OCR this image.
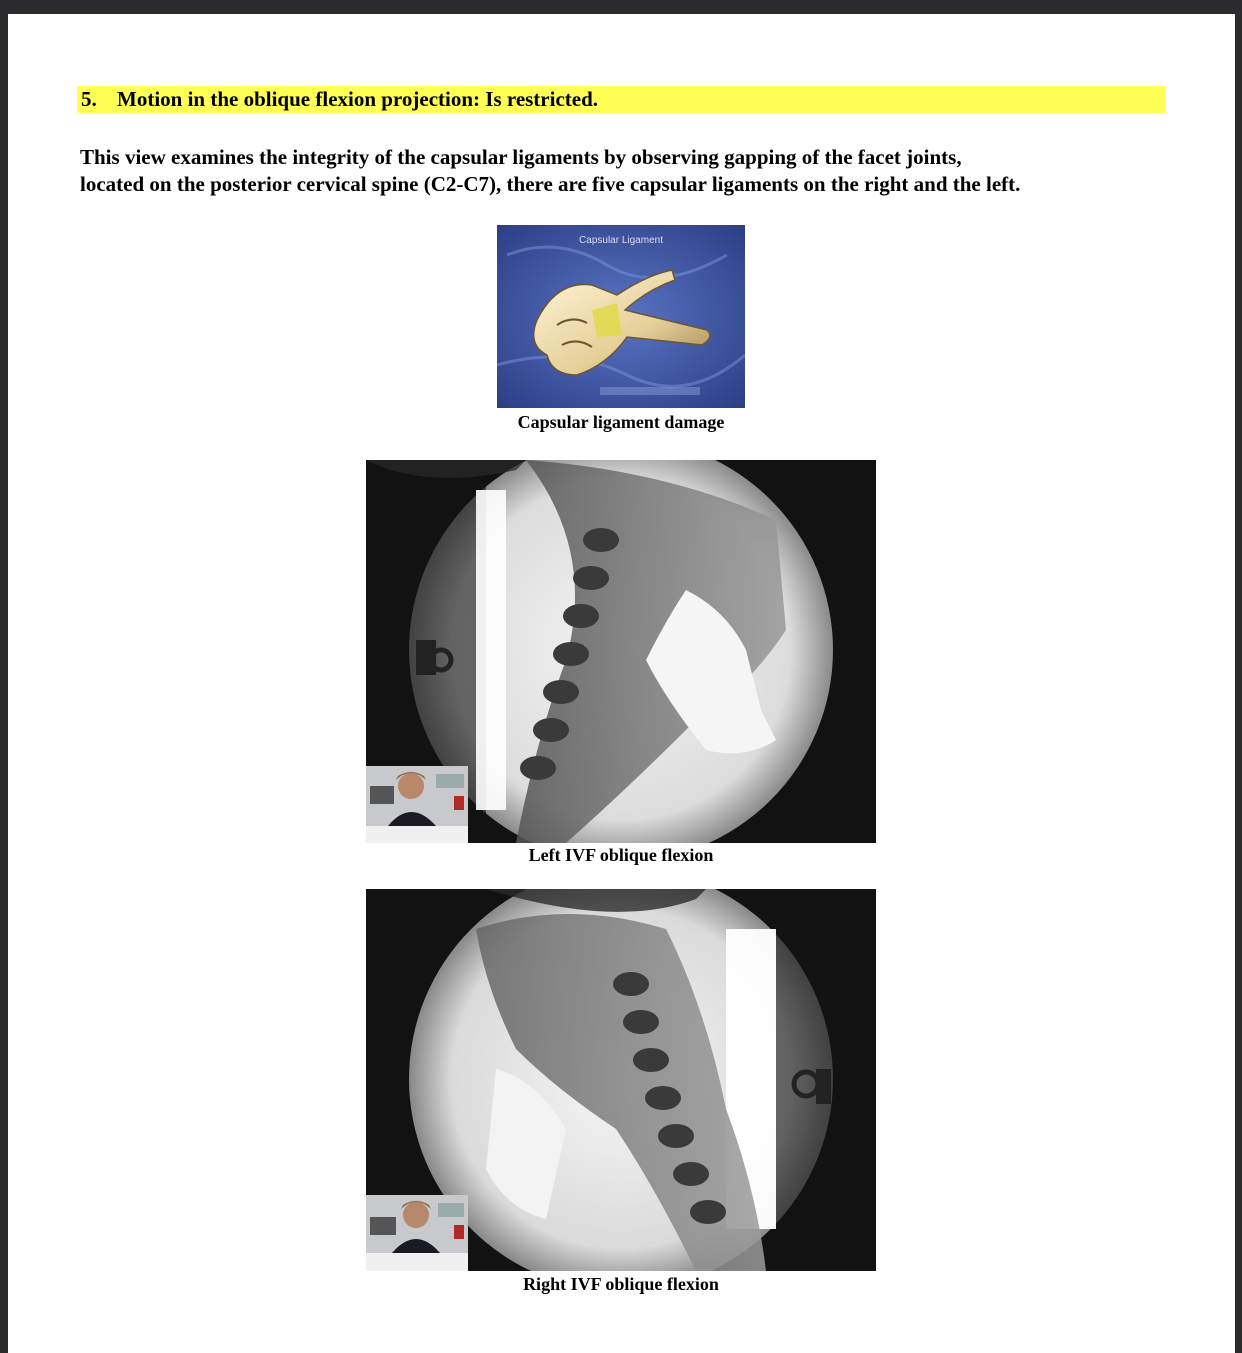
5. Motion in the oblique flexion projection: Is restricted.
This view examines the integrity of the capsular ligaments by observing gapping of the facet joints,
located on the posterior cervical spine (C2-C7), there are five capsular ligaments on the right and the left.
Capsular Ligament
Capsular ligament damage
Left IVF oblique flexion
Right IVF oblique flexion
